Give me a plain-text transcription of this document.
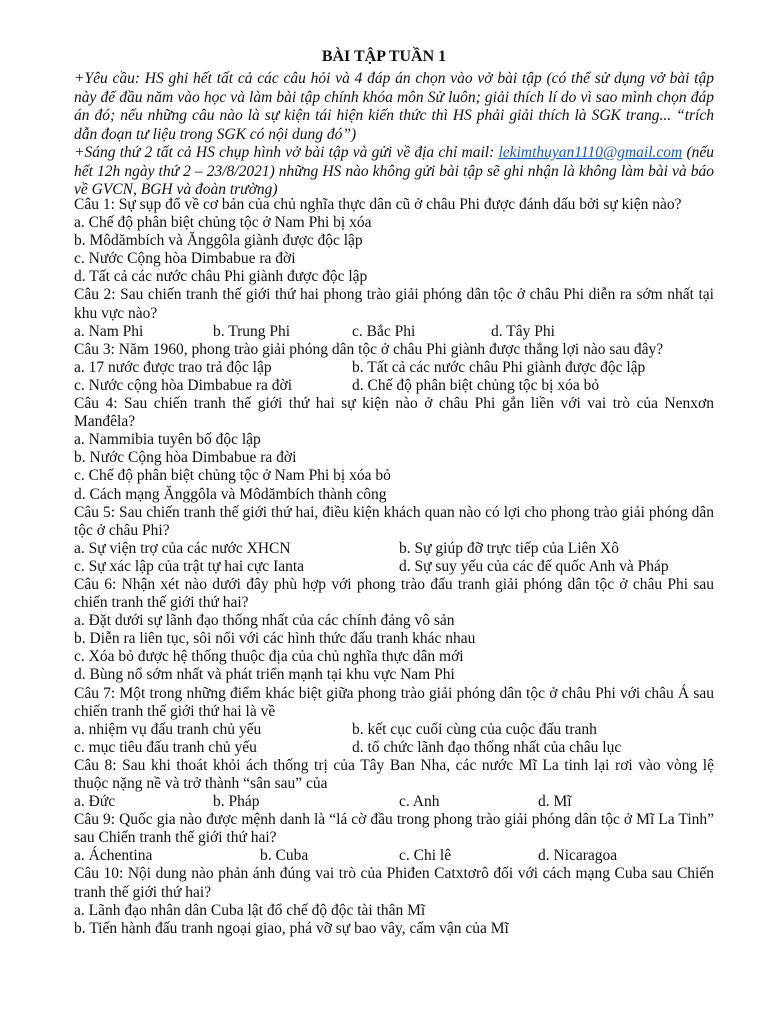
BÀI TẬP TUẦN 1

+Yêu cầu: HS ghi hết tất cả các câu hỏi và 4 đáp án chọn vào vở bài tập (có thể sử dụng vở bài tập này để đầu năm vào học và làm bài tập chính khóa môn Sử luôn; giải thích lí do vì sao mình chọn đáp án đó; nếu những câu nào là sự kiện tái hiện kiến thức thì HS phải giải thích là SGK trang... “trích dẫn đoạn tư liệu trong SGK có nội dung đó”)

+Sáng thứ 2 tất cả HS chụp hình vở bài tập và gửi về địa chỉ mail: lekimthuyan1110@gmail.com (nếu hết 12h ngày thứ 2 – 23/8/2021) những HS nào không gửi bài tập sẽ ghi nhận là không làm bài và báo về GVCN, BGH và đoàn trường)

Câu 1: Sự sụp đổ về cơ bản của chủ nghĩa thực dân cũ ở châu Phi được đánh dấu bởi sự kiện nào?

a. Chế độ phân biệt chủng tộc ở Nam Phi bị xóa

b. Môdămbích và Ănggôla giành được độc lập

c. Nước Cộng hòa Dimbabue ra đời

d. Tất cả các nước châu Phi giành được độc lập

Câu 2: Sau chiến tranh thế giới thứ hai phong trào giải phóng dân tộc ở châu Phi diễn ra sớm nhất tại khu vực nào?

a. Nam Phi	b. Trung Phi	c. Bắc Phi	d. Tây Phi

Câu 3: Năm 1960, phong trào giải phóng dân tộc ở châu Phi giành được thắng lợi nào sau đây?

a. 17 nước được trao trả độc lập	b. Tất cả các nước châu Phi giành được độc lập
c. Nước cộng hòa Dimbabue ra đời	d. Chế độ phân biệt chủng tộc bị xóa bỏ

Câu 4: Sau chiến tranh thế giới thứ hai sự kiện nào ở châu Phi gắn liền với vai trò của Nenxơn Manđêla?

a. Nammibia tuyên bố độc lập

b. Nước Cộng hòa Dimbabue ra đời

c. Chế độ phân biệt chủng tộc ở Nam Phi bị xóa bỏ

d. Cách mạng Ănggôla và Môdămbích thành công

Câu 5: Sau chiến tranh thế giới thứ hai, điều kiện khách quan nào có lợi cho phong trào giải phóng dân tộc ở châu Phi?

a. Sự viện trợ của các nước XHCN	b. Sự giúp đỡ trực tiếp của Liên Xô
c. Sự xác lập của trật tự hai cực Ianta	d. Sự suy yếu của các đế quốc Anh và Pháp

Câu 6: Nhận xét nào dưới đây phù hợp với phong trào đấu tranh giải phóng dân tộc ở châu Phi sau chiến tranh thế giới thứ hai?

a. Đặt dưới sự lãnh đạo thống nhất của các chính đảng vô sản

b. Diễn ra liên tục, sôi nổi với các hình thức đấu tranh khác nhau

c. Xóa bỏ được hệ thống thuộc địa của chủ nghĩa thực dân mới

d. Bùng nổ sớm nhất và phát triển mạnh tại khu vực Nam Phi

Câu 7: Một trong những điểm khác biệt giữa phong trào giải phóng dân tộc ở châu Phi với châu Á sau chiến tranh thế giới thứ hai là về

a. nhiệm vụ đấu tranh chủ yếu	b. kết cục cuối cùng của cuộc đấu tranh
c. mục tiêu đấu tranh chủ yếu	d. tổ chức lãnh đạo thống nhất của châu lục

Câu 8: Sau khi thoát khỏi ách thống trị của Tây Ban Nha, các nước Mĩ La tinh lại rơi vào vòng lệ thuộc nặng nề và trở thành “sân sau” của

a. Đức	b. Pháp	c. Anh	d. Mĩ

Câu 9: Quốc gia nào được mệnh danh là “lá cờ đầu trong phong trào giải phóng dân tộc ở Mĩ La Tinh” sau Chiến tranh thế giới thứ hai?

a. Áchentina	b. Cuba	c. Chi lê	d. Nicaragoa

Câu 10: Nội dung nào phản ánh đúng vai trò của Phiđen Catxtơrô đối với cách mạng Cuba sau Chiến tranh thế giới thứ hai?

a. Lãnh đạo nhân dân Cuba lật đổ chế độ độc tài thân Mĩ

b. Tiến hành đấu tranh ngoại giao, phá vỡ sự bao vây, cấm vận của Mĩ
